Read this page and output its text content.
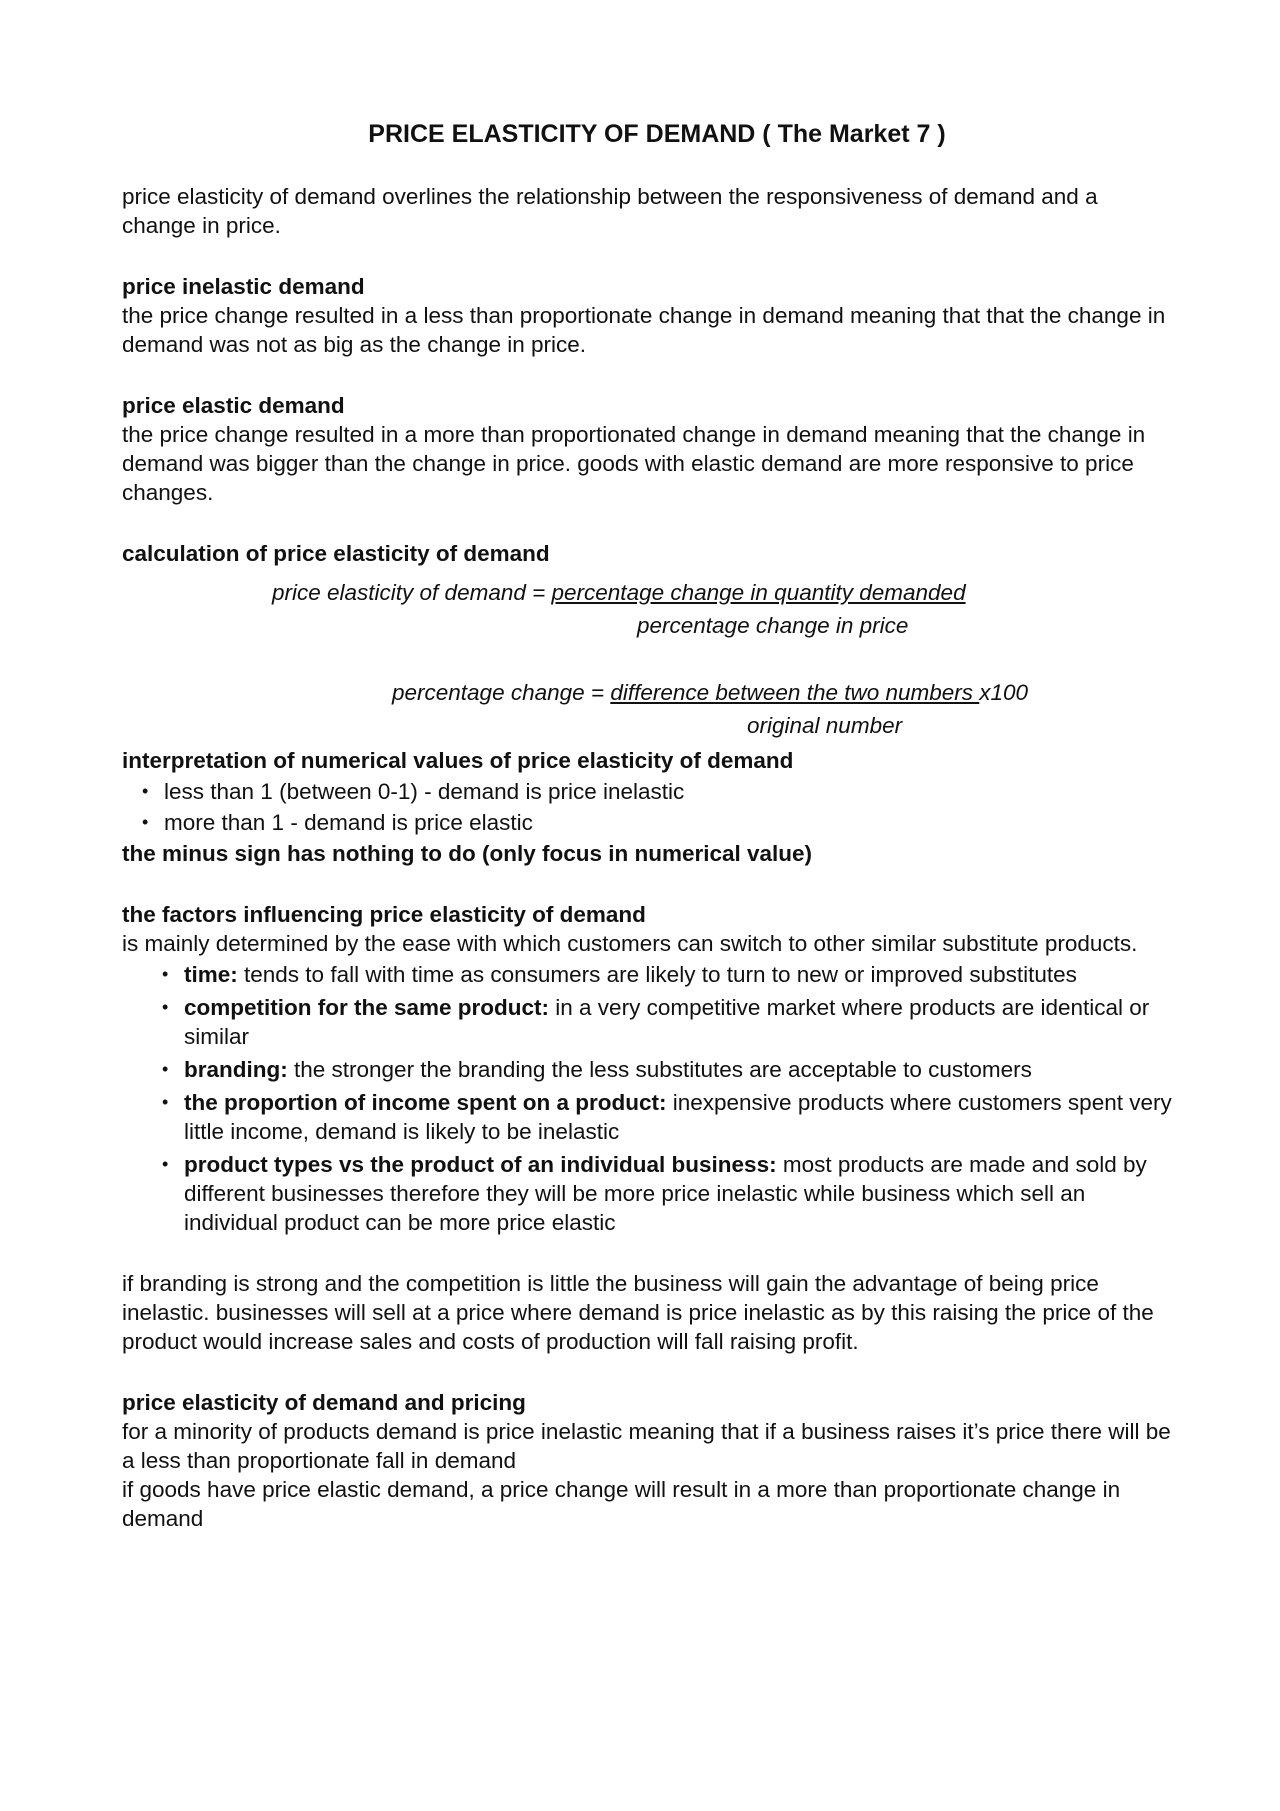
PRICE ELASTICITY OF DEMAND ( The Market 7 )

price elasticity of demand overlines the relationship between the responsiveness of demand and a change in price.

price inelastic demand

the price change resulted in a less than proportionate change in demand meaning that that the change in demand was not as big as the change in price.

price elastic demand

the price change resulted in a more than proportionated change in demand meaning that the change in demand was bigger than the change in price. goods with elastic demand are more responsive to price changes.

calculation of price elasticity of demand

price elasticity of demand = percentage change in quantity demanded

percentage change in price

percentage change = difference between the two numbers x100

original number

interpretation of numerical values of price elasticity of demand

• less than 1 (between 0-1) - demand is price inelastic
• more than 1 - demand is price elastic

the minus sign has nothing to do (only focus in numerical value)

the factors influencing price elasticity of demand

is mainly determined by the ease with which customers can switch to other similar substitute products.

• time: tends to fall with time as consumers are likely to turn to new or improved substitutes
• competition for the same product: in a very competitive market where products are identical or similar
• branding: the stronger the branding the less substitutes are acceptable to customers
• the proportion of income spent on a product: inexpensive products where customers spent very little income, demand is likely to be inelastic
• product types vs the product of an individual business: most products are made and sold by different businesses therefore they will be more price inelastic while business which sell an individual product can be more price elastic

if branding is strong and the competition is little the business will gain the advantage of being price inelastic. businesses will sell at a price where demand is price inelastic as by this raising the price of the product would increase sales and costs of production will fall raising profit.

price elasticity of demand and pricing

for a minority of products demand is price inelastic meaning that if a business raises it’s price there will be a less than proportionate fall in demand

if goods have price elastic demand, a price change will result in a more than proportionate change in demand
